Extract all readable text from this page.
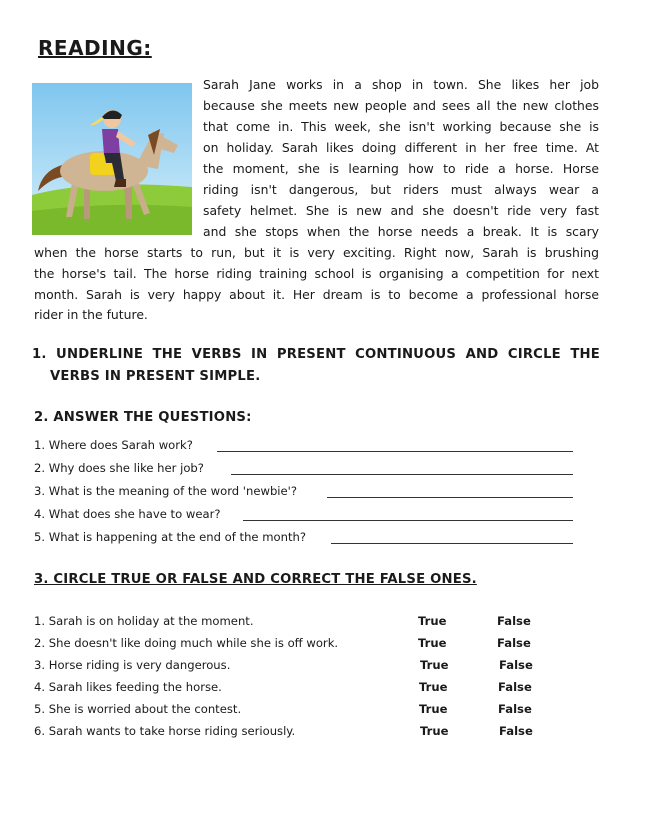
READING:
Sarah Jane works in a shop in town. She likes her job
because she meets new people and sees all the new clothes
that come in. This week, she isn't working because she is
on holiday. Sarah likes doing different in her free time. At
the moment, she is learning how to ride a horse. Horse
riding isn't dangerous, but riders must always wear a
safety helmet. She is new and she doesn't ride very fast
and she stops when the horse needs a break. It is scary
when the horse starts to run, but it is very exciting. Right now, Sarah is brushing
the horse's tail. The horse riding training school is organising a competition for next
month. Sarah is very happy about it. Her dream is to become a professional horse
rider in the future.
1. UNDERLINE THE VERBS IN PRESENT CONTINUOUS AND CIRCLE THE
VERBS IN PRESENT SIMPLE.
2. ANSWER THE QUESTIONS:
1. Where does Sarah work?
2. Why does she like her job?
3. What is the meaning of the word 'newbie'?
4. What does she have to wear?
5. What is happening at the end of the month?
3. CIRCLE TRUE OR FALSE AND CORRECT THE FALSE ONES.
1. Sarah is on holiday at the moment.	True	False
2. She doesn't like doing much while she is off work.	True	False
3. Horse riding is very dangerous.	True	False
4. Sarah likes feeding the horse.	True	False
5. She is worried about the contest.	True	False
6. Sarah wants to take horse riding seriously.	True	False
